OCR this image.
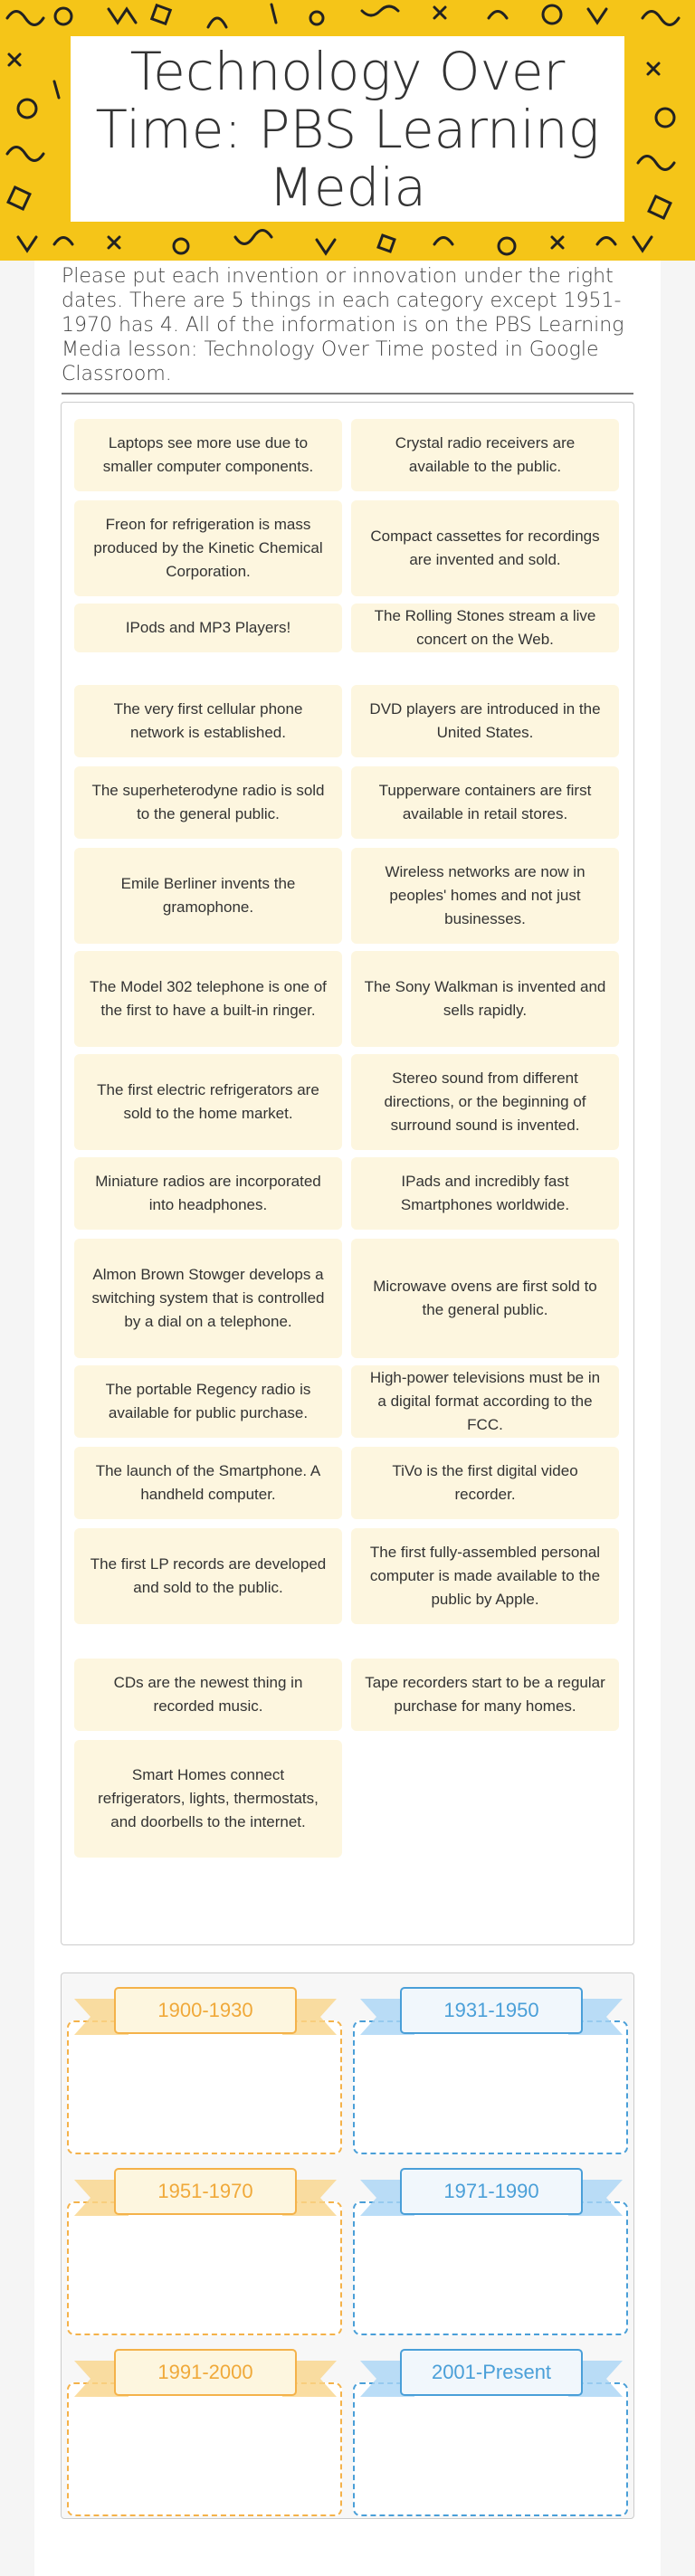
Technology Over Time: PBS Learning Media
Please put each invention or innovation under the right dates. There are 5 things in each category except 1951-1970 has 4. All of the information is on the PBS Learning Media lesson: Technology Over Time posted in Google Classroom.
Laptops see more use due to smaller computer components.
Crystal radio receivers are available to the public.
Freon for refrigeration is mass produced by the Kinetic Chemical Corporation.
Compact cassettes for recordings are invented and sold.
IPods and MP3 Players!
The Rolling Stones stream a live concert on the Web.
The very first cellular phone network is established.
DVD players are introduced in the United States.
The superheterodyne radio is sold to the general public.
Tupperware containers are first available in retail stores.
Emile Berliner invents the gramophone.
Wireless networks are now in peoples' homes and not just businesses.
The Model 302 telephone is one of the first to have a built-in ringer.
The Sony Walkman is invented and sells rapidly.
The first electric refrigerators are sold to the home market.
Stereo sound from different directions, or the beginning of surround sound is invented.
Miniature radios are incorporated into headphones.
IPads and incredibly fast Smartphones worldwide.
Almon Brown Stowger develops a switching system that is controlled by a dial on a telephone.
Microwave ovens are first sold to the general public.
The portable Regency radio is available for public purchase.
High-power televisions must be in a digital format according to the FCC.
The launch of the Smartphone. A handheld computer.
TiVo is the first digital video recorder.
The first LP records are developed and sold to the public.
The first fully-assembled personal computer is made available to the public by Apple.
CDs are the newest thing in recorded music.
Tape recorders start to be a regular purchase for many homes.
Smart Homes connect refrigerators, lights, thermostats, and doorbells to the internet.
1900-1930	1931-1950
1951-1970	1971-1990
1991-2000	2001-Present
